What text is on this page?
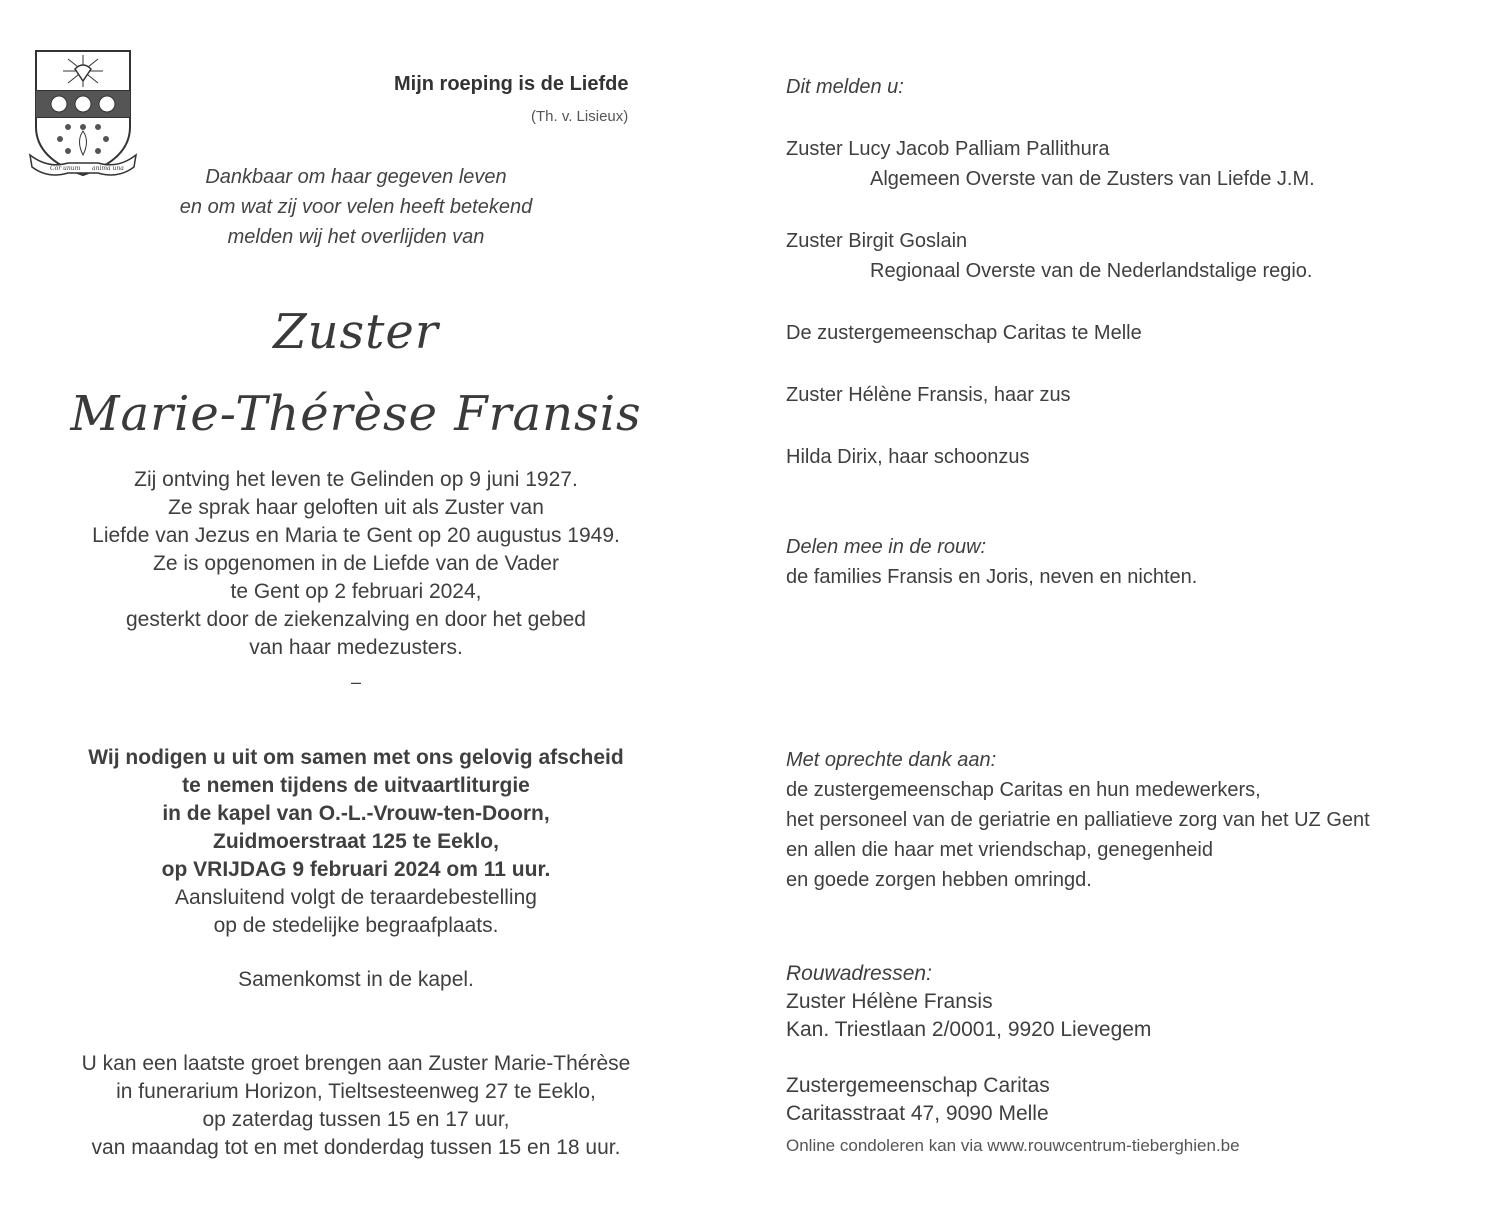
Cor unum anima una
Mijn roeping is de Liefde
(Th. v. Lisieux)
Dankbaar om haar gegeven leven
en om wat zij voor velen heeft betekend
melden wij het overlijden van
Zuster
Marie-Thérèse Fransis
Zij ontving het leven te Gelinden op 9 juni 1927.
Ze sprak haar geloften uit als Zuster van
Liefde van Jezus en Maria te Gent op 20 augustus 1949.
Ze is opgenomen in de Liefde van de Vader
te Gent op 2 februari 2024,
gesterkt door de ziekenzalving en door het gebed
van haar medezusters.
–
Wij nodigen u uit om samen met ons gelovig afscheid
te nemen tijdens de uitvaartliturgie
in de kapel van O.-L.-Vrouw-ten-Doorn,
Zuidmoerstraat 125 te Eeklo,
op VRIJDAG 9 februari 2024 om 11 uur.
Aansluitend volgt de teraardebestelling
op de stedelijke begraafplaats.
Samenkomst in de kapel.
U kan een laatste groet brengen aan Zuster Marie-Thérèse
in funerarium Horizon, Tieltsesteenweg 27 te Eeklo,
op zaterdag tussen 15 en 17 uur,
van maandag tot en met donderdag tussen 15 en 18 uur.
Dit melden u:
Zuster Lucy Jacob Palliam Pallithura
Algemeen Overste van de Zusters van Liefde J.M.
Zuster Birgit Goslain
Regionaal Overste van de Nederlandstalige regio.
De zustergemeenschap Caritas te Melle
Zuster Hélène Fransis, haar zus
Hilda Dirix, haar schoonzus
Delen mee in de rouw:
de families Fransis en Joris, neven en nichten.
Met oprechte dank aan:
de zustergemeenschap Caritas en hun medewerkers,
het personeel van de geriatrie en palliatieve zorg van het UZ Gent
en allen die haar met vriendschap, genegenheid
en goede zorgen hebben omringd.
Rouwadressen:
Zuster Hélène Fransis
Kan. Triestlaan 2/0001, 9920 Lievegem
Zustergemeenschap Caritas
Caritasstraat 47, 9090 Melle
Online condoleren kan via www.rouwcentrum-tieberghien.be
